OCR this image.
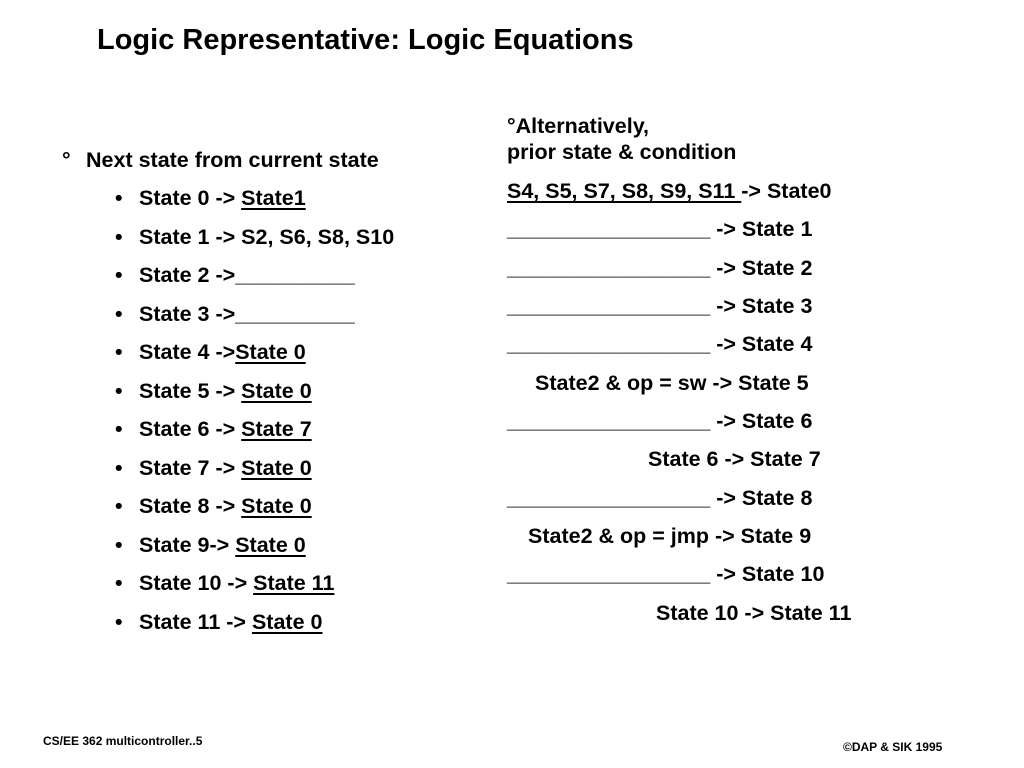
Logic Representative: Logic Equations
° Next state from current state
• State 0 -> State1
• State 1 -> S2, S6, S8, S10
• State 2 ->__________
• State 3 ->__________
• State 4 ->State 0
• State 5 -> State 0
• State 6 -> State 7
• State 7 -> State 0
• State 8 -> State 0
• State 9-> State 0
• State 10 -> State 11
• State 11 -> State 0
°Alternatively,
prior state & condition
S4, S5, S7, S8, S9, S11 -> State0
_________________ -> State 1
_________________ -> State 2
_________________ -> State 3
_________________ -> State 4
State2 & op = sw -> State 5
_________________ -> State 6
State 6 -> State 7
_________________ -> State 8
State2 & op = jmp -> State 9
_________________ -> State 10
State 10 -> State 11
CS/EE 362 multicontroller..5	©DAP & SIK 1995
